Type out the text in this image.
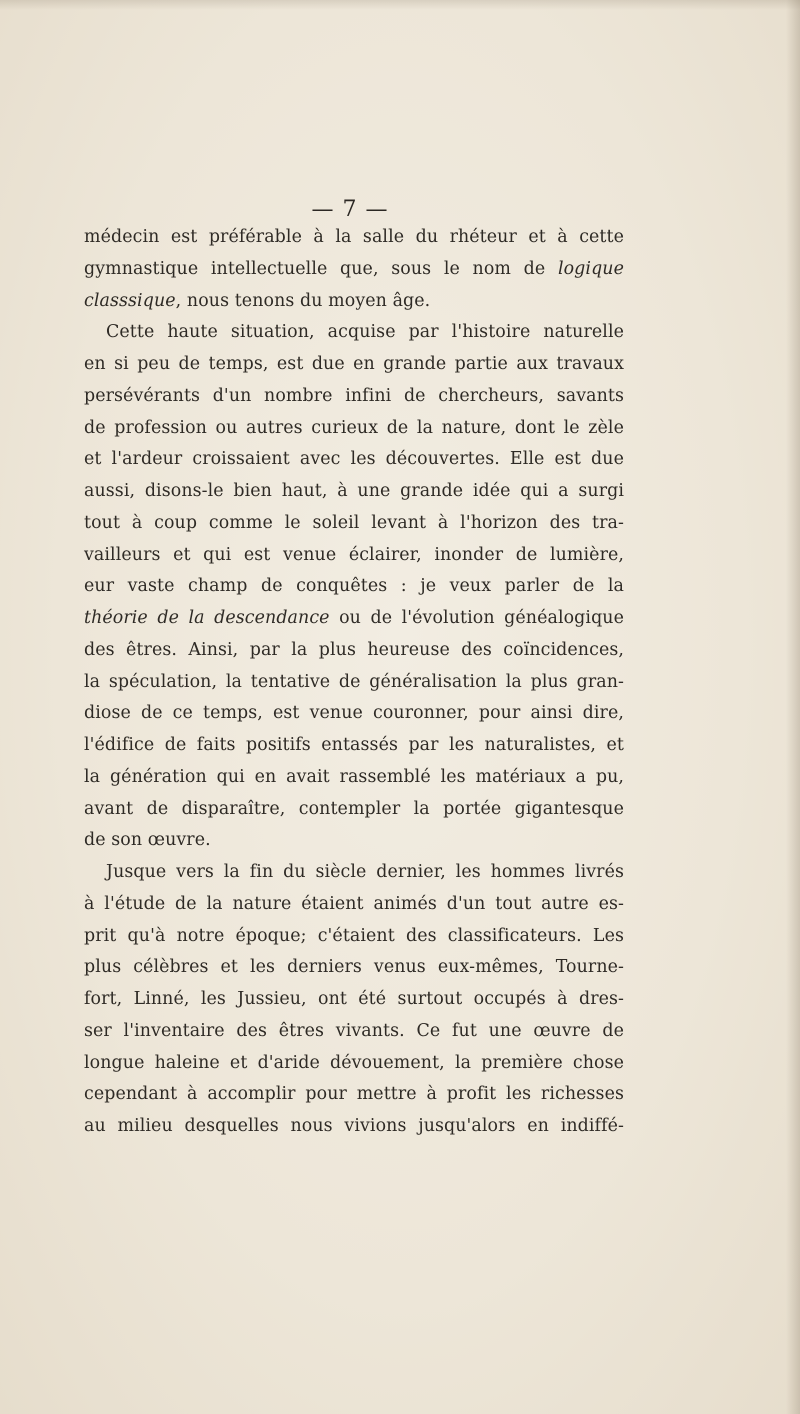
— 7 —
médecin est préférable à la salle du rhéteur et à cette
gymnastique intellectuelle que, sous le nom de logique
classsique, nous tenons du moyen âge.
Cette haute situation, acquise par l'histoire naturelle
en si peu de temps, est due en grande partie aux travaux
persévérants d'un nombre infini de chercheurs, savants
de profession ou autres curieux de la nature, dont le zèle
et l'ardeur croissaient avec les découvertes. Elle est due
aussi, disons-le bien haut, à une grande idée qui a surgi
tout à coup comme le soleil levant à l'horizon des tra-
vailleurs et qui est venue éclairer, inonder de lumière,
eur vaste champ de conquêtes : je veux parler de la
théorie de la descendance ou de l'évolution généalogique
des êtres. Ainsi, par la plus heureuse des coïncidences,
la spéculation, la tentative de généralisation la plus gran-
diose de ce temps, est venue couronner, pour ainsi dire,
l'édifice de faits positifs entassés par les naturalistes, et
la génération qui en avait rassemblé les matériaux a pu,
avant de disparaître, contempler la portée gigantesque
de son œuvre.
Jusque vers la fin du siècle dernier, les hommes livrés
à l'étude de la nature étaient animés d'un tout autre es-
prit qu'à notre époque; c'étaient des classificateurs. Les
plus célèbres et les derniers venus eux-mêmes, Tourne-
fort, Linné, les Jussieu, ont été surtout occupés à dres-
ser l'inventaire des êtres vivants. Ce fut une œuvre de
longue haleine et d'aride dévouement, la première chose
cependant à accomplir pour mettre à profit les richesses
au milieu desquelles nous vivions jusqu'alors en indiffé-
